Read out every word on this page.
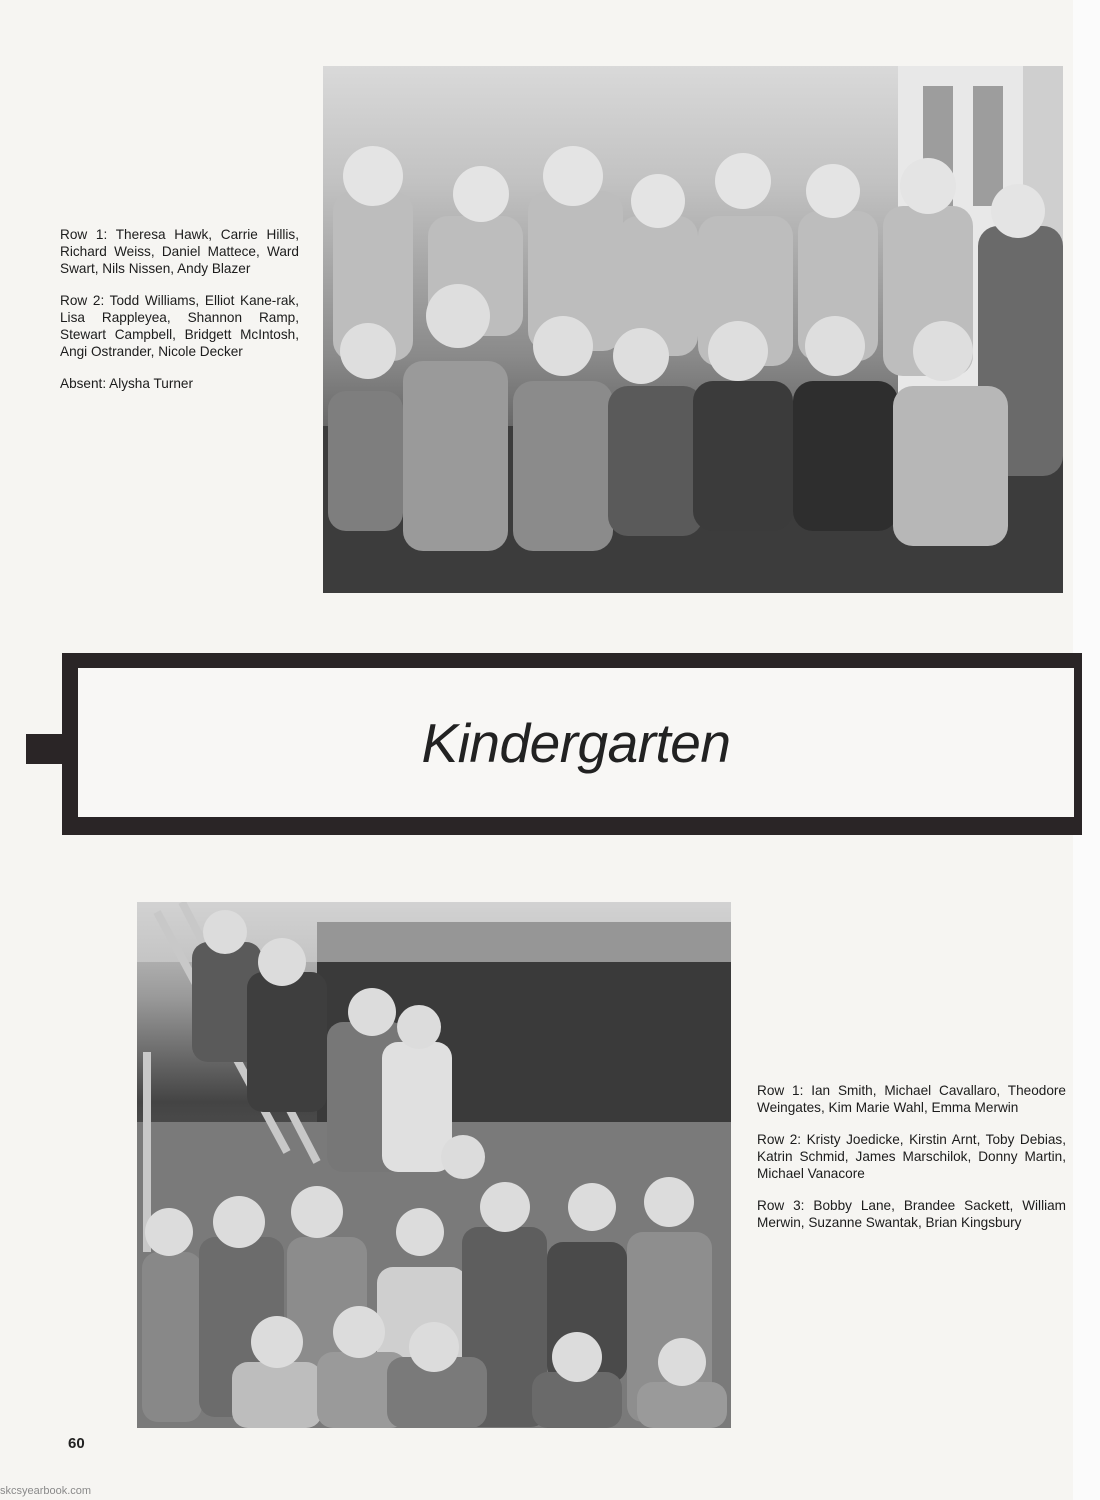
Row 1: Theresa Hawk, Carrie Hillis, Richard Weiss, Daniel Mattece, Ward Swart, Nils Nissen, Andy Blazer

Row 2: Todd Williams, Elliot Kane-rak, Lisa Rappleyea, Shannon Ramp, Stewart Campbell, Bridgett McIntosh, Angi Ostrander, Nicole Decker

Absent: Alysha Turner

Kindergarten

Row 1: Ian Smith, Michael Cavallaro, Theodore Weingates, Kim Marie Wahl, Emma Merwin

Row 2: Kristy Joedicke, Kirstin Arnt, Toby Debias, Katrin Schmid, James Marschilok, Donny Martin, Michael Vanacore

Row 3: Bobby Lane, Brandee Sackett, William Merwin, Suzanne Swantak, Brian Kingsbury

60
skcsyearbook.com
